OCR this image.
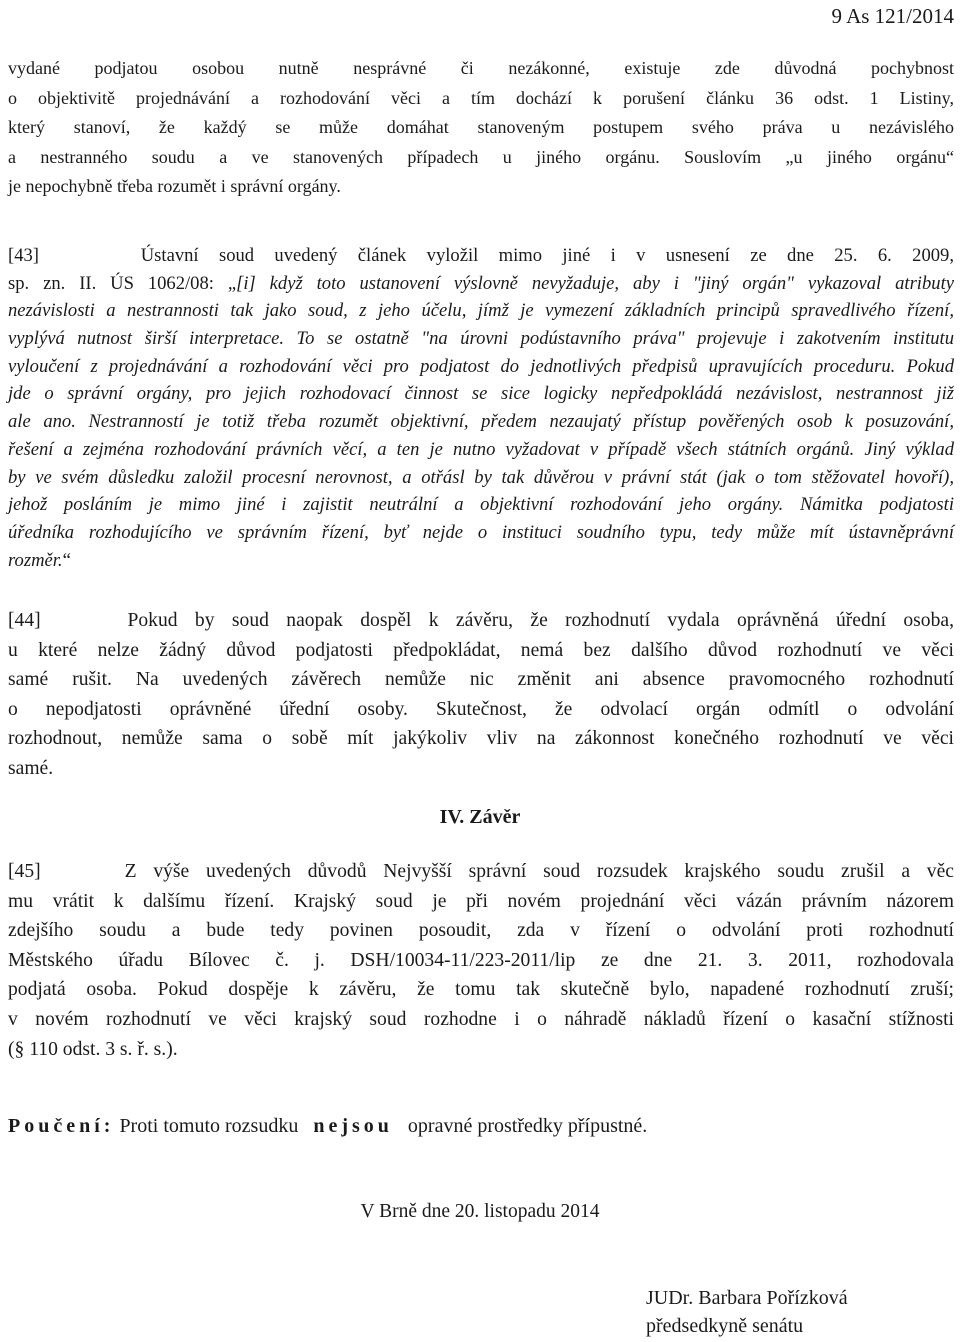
9 As 121/2014
vydané podjatou osobou nutně nesprávné či nezákonné, existuje zde důvodná pochybnost
o objektivitě projednávání a rozhodování věci a tím dochází k porušení článku 36 odst. 1 Listiny,
který stanoví, že každý se může domáhat stanoveným postupem svého práva u nezávislého
a nestranného soudu a ve stanovených případech u jiného orgánu. Souslovím „u jiného orgánu“
je nepochybně třeba rozumět i správní orgány.
[43]     Ústavní soud uvedený článek vyložil mimo jiné i v usnesení ze dne 25. 6. 2009,
sp. zn. II. ÚS 1062/08: „[i] když toto ustanovení výslovně nevyžaduje, aby i "jiný orgán" vykazoval atributy
nezávislosti a nestrannosti tak jako soud, z jeho účelu, jímž je vymezení základních principů spravedlivého řízení,
vyplývá nutnost širší interpretace. To se ostatně "na úrovni podústavního práva" projevuje i zakotvením institutu
vyloučení z projednávání a rozhodování věci pro podjatost do jednotlivých předpisů upravujících proceduru. Pokud
jde o správní orgány, pro jejich rozhodovací činnost se sice logicky nepředpokládá nezávislost, nestrannost již
ale ano. Nestranností je totiž třeba rozumět objektivní, předem nezaujatý přístup pověřených osob k posuzování,
řešení a zejména rozhodování právních věcí, a ten je nutno vyžadovat v případě všech státních orgánů. Jiný výklad
by ve svém důsledku založil procesní nerovnost, a otřásl by tak důvěrou v právní stát (jak o tom stěžovatel hovoří),
jehož posláním je mimo jiné i zajistit neutrální a objektivní rozhodování jeho orgány. Námitka podjatosti
úředníka rozhodujícího ve správním řízení, byť nejde o instituci soudního typu, tedy může mít ústavněprávní
rozměr.“
[44]     Pokud by soud naopak dospěl k závěru, že rozhodnutí vydala oprávněná úřední osoba,
u které nelze žádný důvod podjatosti předpokládat, nemá bez dalšího důvod rozhodnutí ve věci
samé rušit. Na uvedených závěrech nemůže nic změnit ani absence pravomocného rozhodnutí
o nepodjatosti oprávněné úřední osoby. Skutečnost, že odvolací orgán odmítl o odvolání
rozhodnout, nemůže sama o sobě mít jakýkoliv vliv na zákonnost konečného rozhodnutí ve věci
samé.
IV. Závěr
[45]     Z výše uvedených důvodů Nejvyšší správní soud rozsudek krajského soudu zrušil a věc
mu vrátit k dalšímu řízení. Krajský soud je při novém projednání věci vázán právním názorem
zdejšího soudu a bude tedy povinen posoudit, zda v řízení o odvolání proti rozhodnutí
Městského úřadu Bílovec č. j. DSH/10034-11/223-2011/lip ze dne 21. 3. 2011, rozhodovala
podjatá osoba. Pokud dospěje k závěru, že tomu tak skutečně bylo, napadené rozhodnutí zruší;
v novém rozhodnutí ve věci krajský soud rozhodne i o náhradě nákladů řízení o kasační stížnosti
(§ 110 odst. 3 s. ř. s.).
Poučení: Proti tomuto rozsudku nejsou opravné prostředky přípustné.
V Brně dne 20. listopadu 2014
JUDr. Barbara Pořízková
předsedkyně senátu
